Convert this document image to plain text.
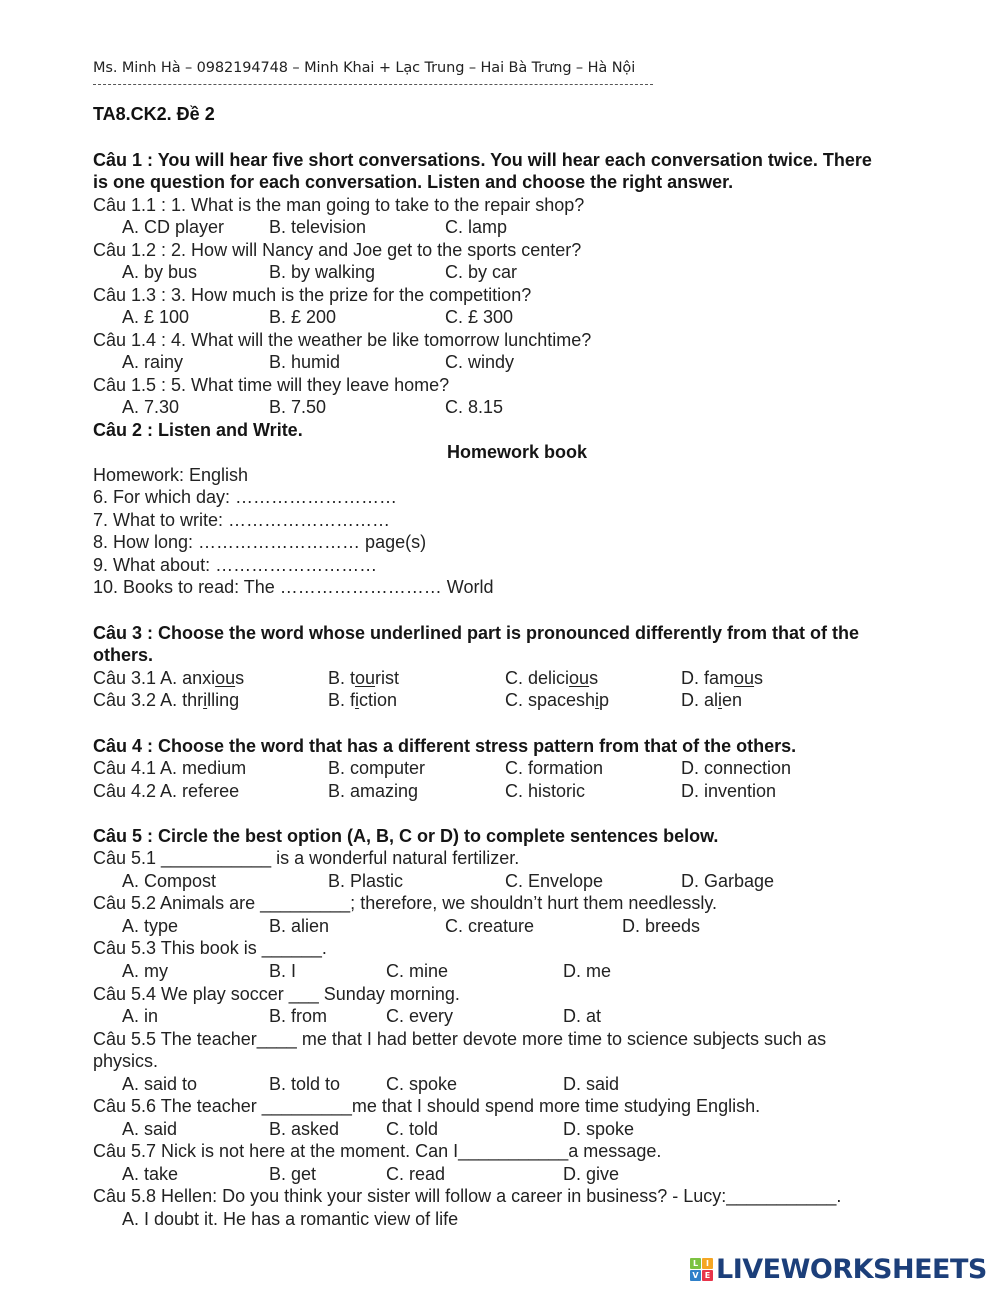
Ms. Minh Hà – 0982194748 – Minh Khai + Lạc Trung – Hai Bà Trưng – Hà Nội
TA8.CK2. Đề 2
Câu 1 : You will hear five short conversations. You will hear each conversation twice. There
is one question for each conversation. Listen and choose the right answer.
Câu 1.1 : 1. What is the man going to take to the repair shop?
A. CD player B. television	C. lamp
Câu 1.2 : 2. How will Nancy and Joe get to the sports center?
A. by bus	B. by walking	C. by car
Câu 1.3 : 3. How much is the prize for the competition?
A. £ 100	B. £ 200	C. £ 300
Câu 1.4 : 4. What will the weather be like tomorrow lunchtime?
A. rainy	B. humid	C. windy
Câu 1.5 : 5. What time will they leave home?
A. 7.30	B. 7.50	C. 8.15
Câu 2 : Listen and Write.
Homework book
Homework: English
6. For which day: ………………………
7. What to write: ………………………
8. How long: ……………………… page(s)
9. What about: ………………………
10. Books to read: The ……………………… World
Câu 3 : Choose the word whose underlined part is pronounced differently from that of the
others.
Câu 3.1 A. anxious	B. tourist	C. delicious	D. famous
Câu 3.2 A. thrilling	B. fiction	C. spaceship	D. alien
Câu 4 : Choose the word that has a different stress pattern from that of the others.
Câu 4.1 A. medium	B. computer	C. formation	D. connection
Câu 4.2 A. referee	B. amazing	C. historic	D. invention
Câu 5 : Circle the best option (A, B, C or D) to complete sentences below.
Câu 5.1 ___________ is a wonderful natural fertilizer.
A. Compost	B. Plastic	C. Envelope	D. Garbage
Câu 5.2 Animals are _________; therefore, we shouldn’t hurt them needlessly.
A. type	B. alien	C. creature	D. breeds
Câu 5.3 This book is ______.
A. my	B. I	C. mine	D. me
Câu 5.4 We play soccer ___ Sunday morning.
A. in	B. from	C. every	D. at
Câu 5.5 The teacher____ me that I had better devote more time to science subjects such as
physics.
A. said to	B. told to	C. spoke	D. said
Câu 5.6 The teacher _________me that I should spend more time studying English.
A. said	B. asked	C. told	D. spoke
Câu 5.7 Nick is not here at the moment. Can I___________a message.
A. take	B. get	C. read	D. give
Câu 5.8 Hellen: Do you think your sister will follow a career in business? - Lucy:___________.
A. I doubt it. He has a romantic view of life
L I
V E LIVEWORKSHEETS
